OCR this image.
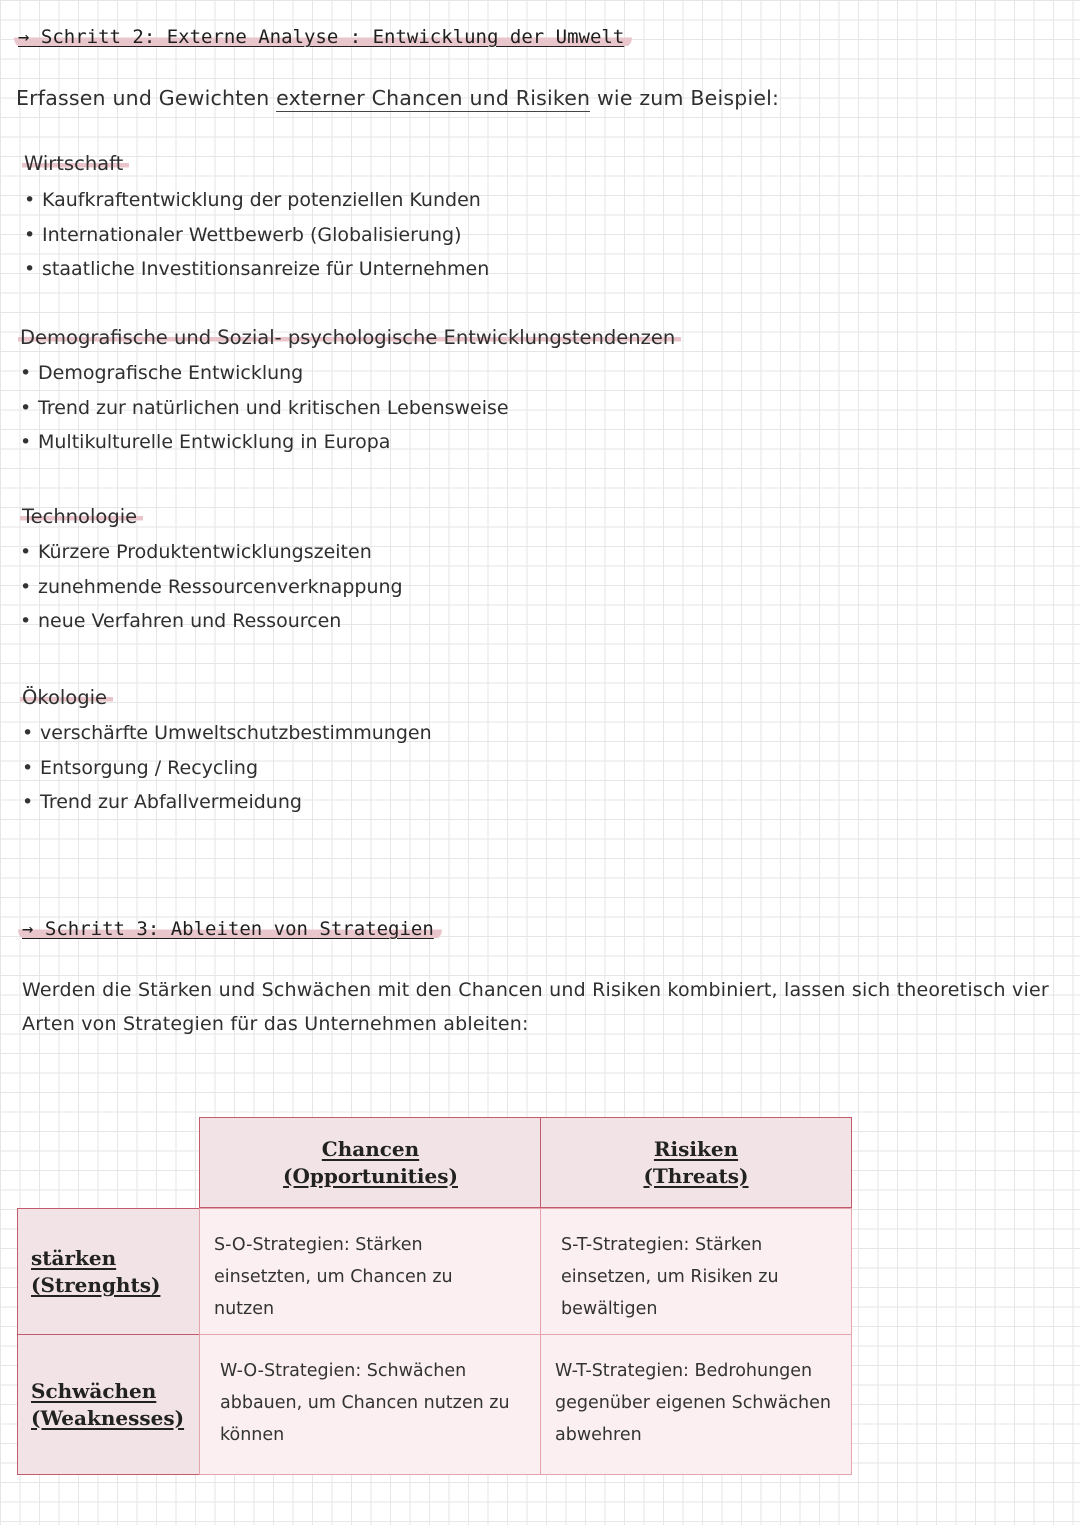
→ Schritt 2: Externe Analyse : Entwicklung der Umwelt
Erfassen und Gewichten externer Chancen und Risiken wie zum Beispiel:
Wirtschaft
• Kaufkraftentwicklung der potenziellen Kunden
• Internationaler Wettbewerb (Globalisierung)
• staatliche Investitionsanreize für Unternehmen
Demografische und Sozial- psychologische Entwicklungstendenzen
• Demografische Entwicklung
• Trend zur natürlichen und kritischen Lebensweise
• Multikulturelle Entwicklung in Europa
Technologie
• Kürzere Produktentwicklungszeiten
• zunehmende Ressourcenverknappung
• neue Verfahren und Ressourcen
Ökologie
• verschärfte Umweltschutzbestimmungen
• Entsorgung / Recycling
• Trend zur Abfallvermeidung
→ Schritt 3: Ableiten von Strategien
Werden die Stärken und Schwächen mit den Chancen und Risiken kombiniert, lassen sich theoretisch vier
Arten von Strategien für das Unternehmen ableiten:
Chancen
(Opportunities)
Risiken
(Threats)
stärken
(Strenghts)
Schwächen
(Weaknesses)
S-O-Strategien: Stärken einsetzten, um Chancen zu nutzen
S-T-Strategien: Stärken einsetzen, um Risiken zu bewältigen
W-O-Strategien: Schwächen abbauen, um Chancen nutzen zu können
W-T-Strategien: Bedrohungen gegenüber eigenen Schwächen abwehren
